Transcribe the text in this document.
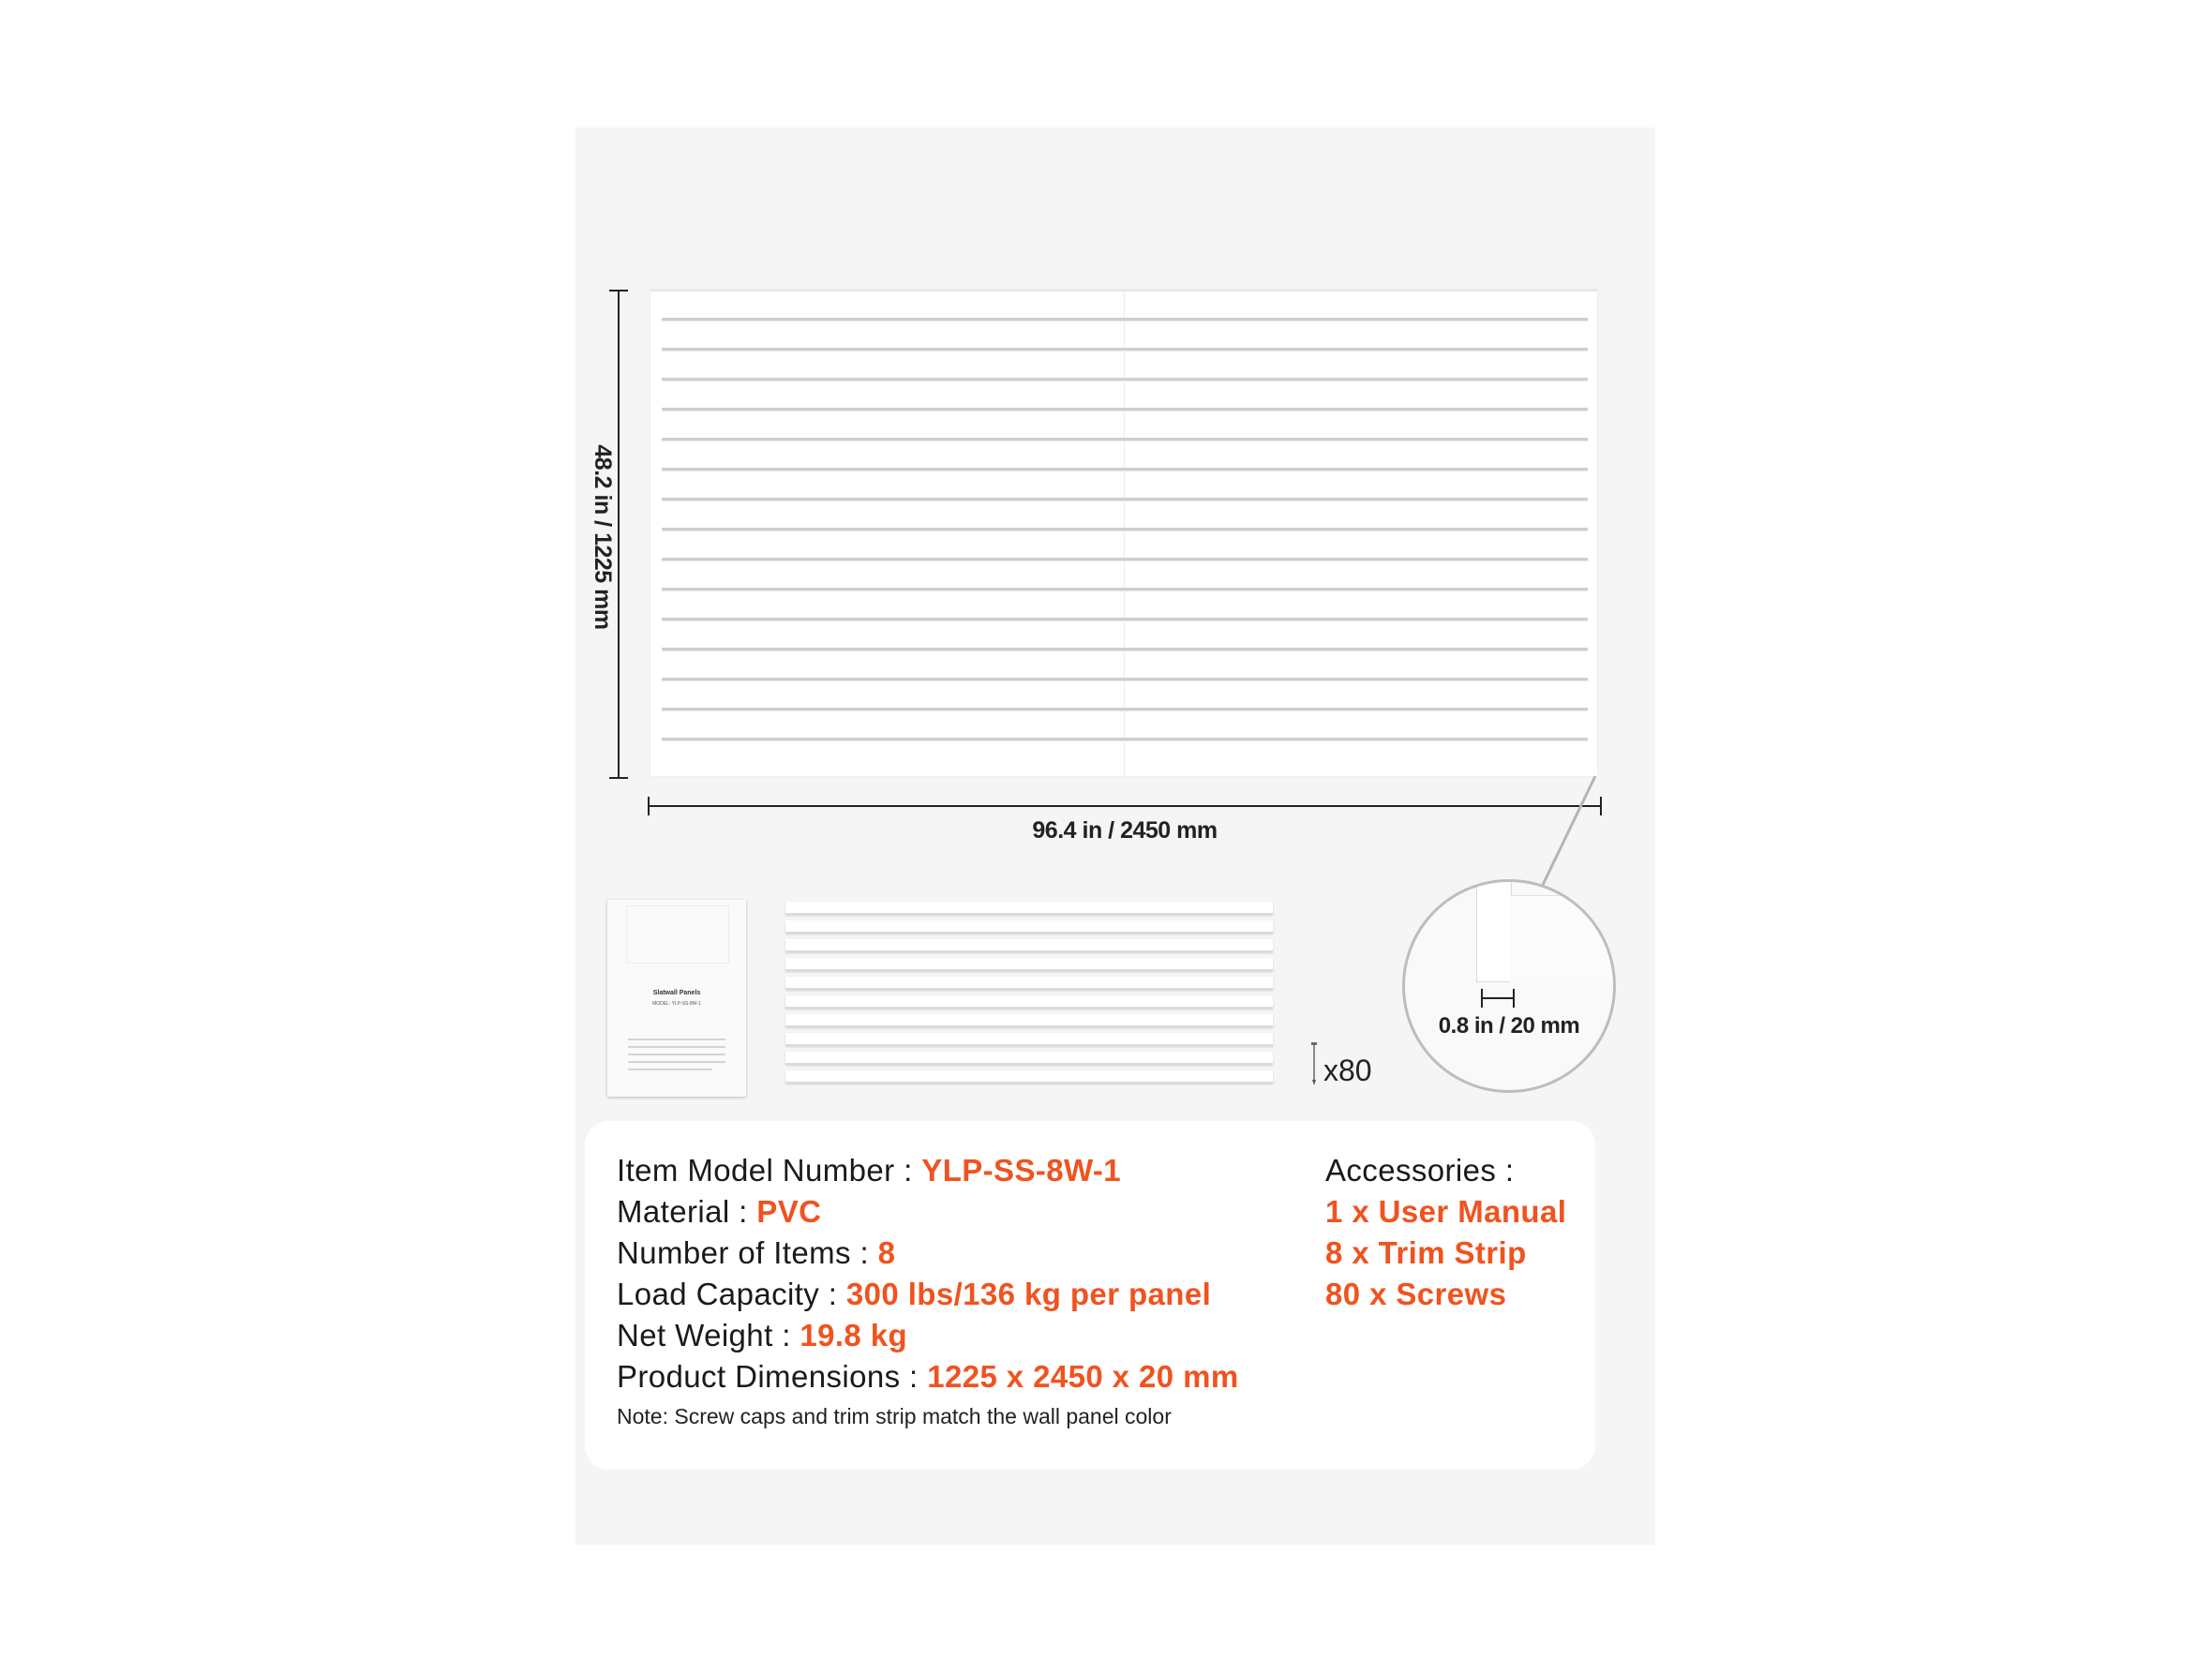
48.2 in / 1225 mm
96.4 in / 2450 mm
0.8 in / 20 mm
Slatwall Panels
MODEL: YLP-SS-8W-1
x80
Item Model Number : YLP-SS-8W-1
Material : PVC
Number of Items : 8
Load Capacity : 300 lbs/136 kg per panel
Net Weight : 19.8 kg
Product Dimensions : 1225 x 2450 x 20 mm
Note: Screw caps and trim strip match the wall panel color
Accessories :
1 x User Manual
8 x Trim Strip
80 x Screws
